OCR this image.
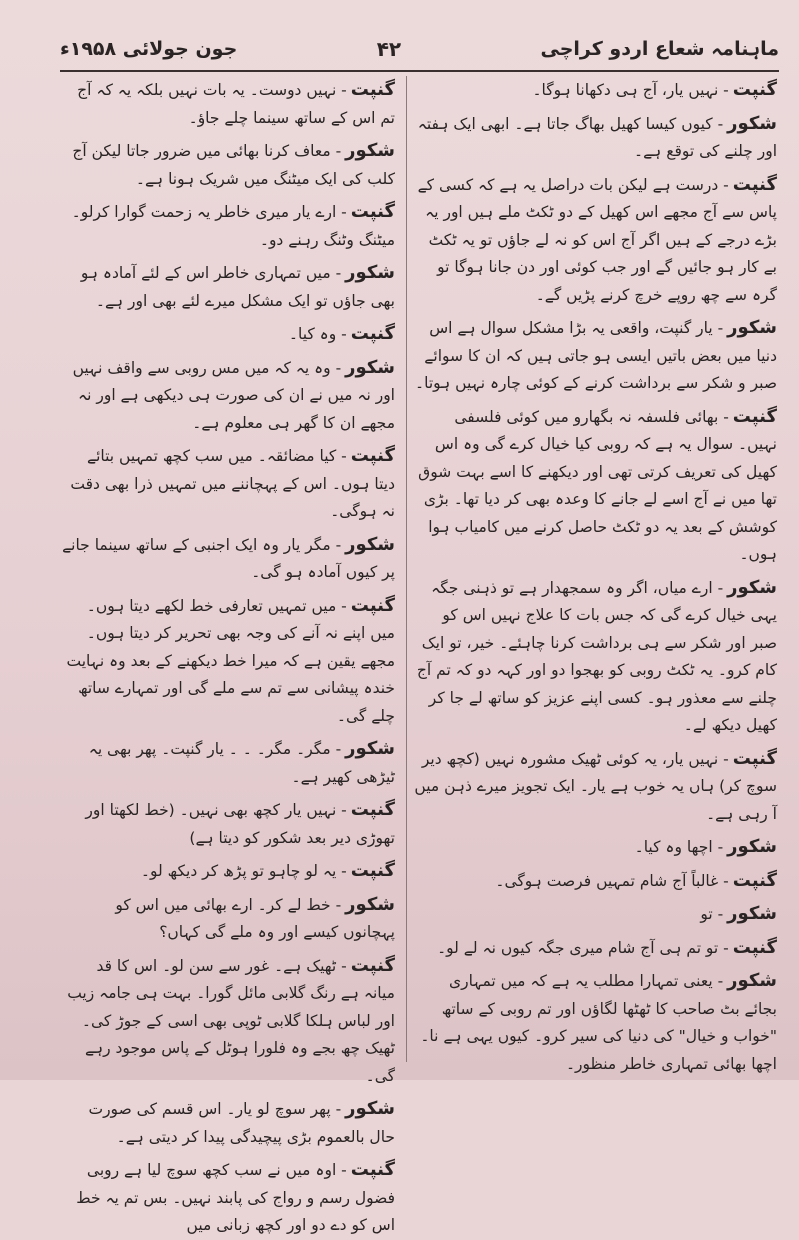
ماہنامہ شعاع اردو کراچی
۴۲
جون جولائی ۱۹۵۸ء
گنپت- نہیں یار، آج ہی دکھانا ہوگا۔
شکور- کیوں کیسا کھیل بھاگ جاتا ہے۔ ابھی ایک ہفتہ اور چلنے کی توقع ہے۔
گنپت- درست ہے لیکن بات دراصل یہ ہے کہ کسی کے پاس سے آج مجھے اس کھیل کے دو ٹکٹ ملے ہیں اور یہ بڑے درجے کے ہیں اگر آج اس کو نہ لے جاؤں تو یہ ٹکٹ بے کار ہو جائیں گے اور جب کوئی اور دن جانا ہوگا تو گرہ سے چھ روپے خرچ کرنے پڑیں گے۔
شکور- یار گنپت، واقعی یہ بڑا مشکل سوال ہے اس دنیا میں بعض باتیں ایسی ہو جاتی ہیں کہ ان کا سوائے صبر و شکر سے برداشت کرنے کے کوئی چارہ نہیں ہوتا۔
گنپت- بھائی فلسفہ نہ بگھارو میں کوئی فلسفی نہیں۔ سوال یہ ہے کہ روبی کیا خیال کرے گی وہ اس کھیل کی تعریف کرتی تھی اور دیکھنے کا اسے بہت شوق تھا میں نے آج اسے لے جانے کا وعدہ بھی کر دیا تھا۔ بڑی کوشش کے بعد یہ دو ٹکٹ حاصل کرنے میں کامیاب ہوا ہوں۔
شکور- ارے میاں، اگر وہ سمجھدار ہے تو ذہنی جگہ یہی خیال کرے گی کہ جس بات کا علاج نہیں اس کو صبر اور شکر سے ہی برداشت کرنا چاہئے۔ خیر، تو ایک کام کرو۔ یہ ٹکٹ روبی کو بھجوا دو اور کہہ دو کہ تم آج چلنے سے معذور ہو۔ کسی اپنے عزیز کو ساتھ لے جا کر کھیل دیکھ لے۔
گنپت- نہیں یار، یہ کوئی ٹھیک مشورہ نہیں (کچھ دیر سوچ کر) ہاں یہ خوب ہے یار۔ ایک تجویز میرے ذہن میں آ رہی ہے۔
شکور- اچھا وہ کیا۔
گنپت- غالباً آج شام تمہیں فرصت ہوگی۔
شکور- تو
گنپت- تو تم ہی آج شام میری جگہ کیوں نہ لے لو۔
شکور- یعنی تمہارا مطلب یہ ہے کہ میں تمہاری بجائے بٹ صاحب کا ٹھٹھا لگاؤں اور تم روبی کے ساتھ "خواب و خیال" کی دنیا کی سیر کرو۔ کیوں یہی ہے نا۔ اچھا بھائی تمہاری خاطر منظور۔
گنپت- نہیں دوست۔ یہ بات نہیں بلکہ یہ کہ آج تم اس کے ساتھ سینما چلے جاؤ۔
شکور- معاف کرنا بھائی میں ضرور جاتا لیکن آج کلب کی ایک میٹنگ میں شریک ہونا ہے۔
گنپت- ارے یار میری خاطر یہ زحمت گوارا کرلو۔ میٹنگ وٹنگ رہنے دو۔
شکور- میں تمہاری خاطر اس کے لئے آمادہ ہو بھی جاؤں تو ایک مشکل میرے لئے بھی اور ہے۔
گنپت- وہ کیا۔
شکور- وہ یہ کہ میں مس روبی سے واقف نہیں اور نہ میں نے ان کی صورت ہی دیکھی ہے اور نہ مجھے ان کا گھر ہی معلوم ہے۔
گنپت- کیا مضائقہ۔ میں سب کچھ تمہیں بتائے دیتا ہوں۔ اس کے پہچاننے میں تمہیں ذرا بھی دقت نہ ہوگی۔
شکور- مگر یار وہ ایک اجنبی کے ساتھ سینما جانے پر کیوں آمادہ ہو گی۔
گنپت- میں تمہیں تعارفی خط لکھے دیتا ہوں۔ میں اپنے نہ آنے کی وجہ بھی تحریر کر دیتا ہوں۔ مجھے یقین ہے کہ میرا خط دیکھنے کے بعد وہ نہایت خندہ پیشانی سے تم سے ملے گی اور تمہارے ساتھ چلے گی۔
شکور- مگر۔ مگر۔ ۔ ۔ یار گنپت۔ پھر بھی یہ ٹیڑھی کھیر ہے۔
گنپت- نہیں یار کچھ بھی نہیں۔ (خط لکھتا اور تھوڑی دیر بعد شکور کو دیتا ہے)
گنپت- یہ لو چاہو تو پڑھ کر دیکھ لو۔
شکور- خط لے کر۔ ارے بھائی میں اس کو پہچانوں کیسے اور وہ ملے گی کہاں؟
گنپت- ٹھیک ہے۔ غور سے سن لو۔ اس کا قد میانہ ہے رنگ گلابی مائل گورا۔ بہت ہی جامہ زیب اور لباس ہلکا گلابی ٹوپی بھی اسی کے جوڑ کی۔ ٹھیک چھ بجے وہ فلورا ہوٹل کے پاس موجود رہے گی۔
شکور- پھر سوچ لو یار۔ اس قسم کی صورت حال بالعموم بڑی پیچیدگی پیدا کر دیتی ہے۔
گنپت- اوہ میں نے سب کچھ سوچ لیا ہے روبی فضول رسم و رواج کی پابند نہیں۔ بس تم یہ خط اس کو دے دو اور کچھ زبانی میں
